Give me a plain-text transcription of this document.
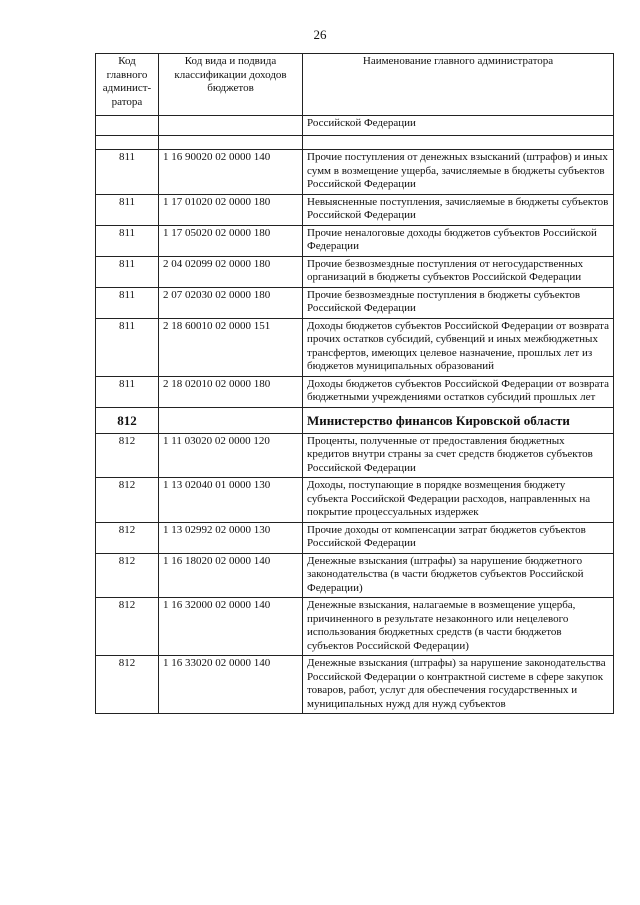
26
Код главного админист-ратора	Код вида и подвида классификации доходов бюджетов	Наименование главного администратора
		Российской Федерации

811	1 16 90020 02 0000 140	Прочие поступления от денежных взысканий (штрафов) и иных сумм в возмещение ущерба, зачисляемые в бюджеты субъектов Российской Федерации
811	1 17 01020 02 0000 180	Невыясненные поступления, зачисляемые в бюджеты субъектов Российской Федерации
811	1 17 05020 02 0000 180	Прочие неналоговые доходы бюджетов субъектов Российской Федерации
811	2 04 02099 02 0000 180	Прочие безвозмездные поступления от негосударственных организаций в бюджеты субъектов Российской Федерации
811	2 07 02030 02 0000 180	Прочие безвозмездные поступления в бюджеты субъектов Российской Федерации
811	2 18 60010 02 0000 151	Доходы бюджетов субъектов Российской Федерации от возврата прочих остатков субсидий, субвенций и иных межбюджетных трансфертов, имеющих целевое назначение, прошлых лет из бюджетов муниципальных образований
811	2 18 02010 02 0000 180	Доходы бюджетов субъектов Российской Федерации от возврата бюджетными учреждениями остатков субсидий прошлых лет
812		Министерство финансов Кировской области
812	1 11 03020 02 0000 120	Проценты, полученные от предоставления бюджетных кредитов внутри страны за счет средств бюджетов субъектов Российской Федерации
812	1 13 02040 01 0000 130	Доходы, поступающие в порядке возмещения бюджету субъекта Российской Федерации расходов, направленных на покрытие процессуальных издержек
812	1 13 02992 02 0000 130	Прочие доходы от компенсации затрат бюджетов субъектов Российской Федерации
812	1 16 18020 02 0000 140	Денежные взыскания (штрафы) за нарушение бюджетного законодательства (в части бюджетов субъектов Российской Федерации)
812	1 16 32000 02 0000 140	Денежные взыскания, налагаемые в возмещение ущерба, причиненного в результате незаконного или нецелевого использования бюджетных средств (в части бюджетов субъектов Российской Федерации)
812	1 16 33020 02 0000 140	Денежные взыскания (штрафы) за нарушение законодательства Российской Федерации о контрактной системе в сфере закупок товаров, работ, услуг для обеспечения государственных и муниципальных нужд для нужд субъектов
